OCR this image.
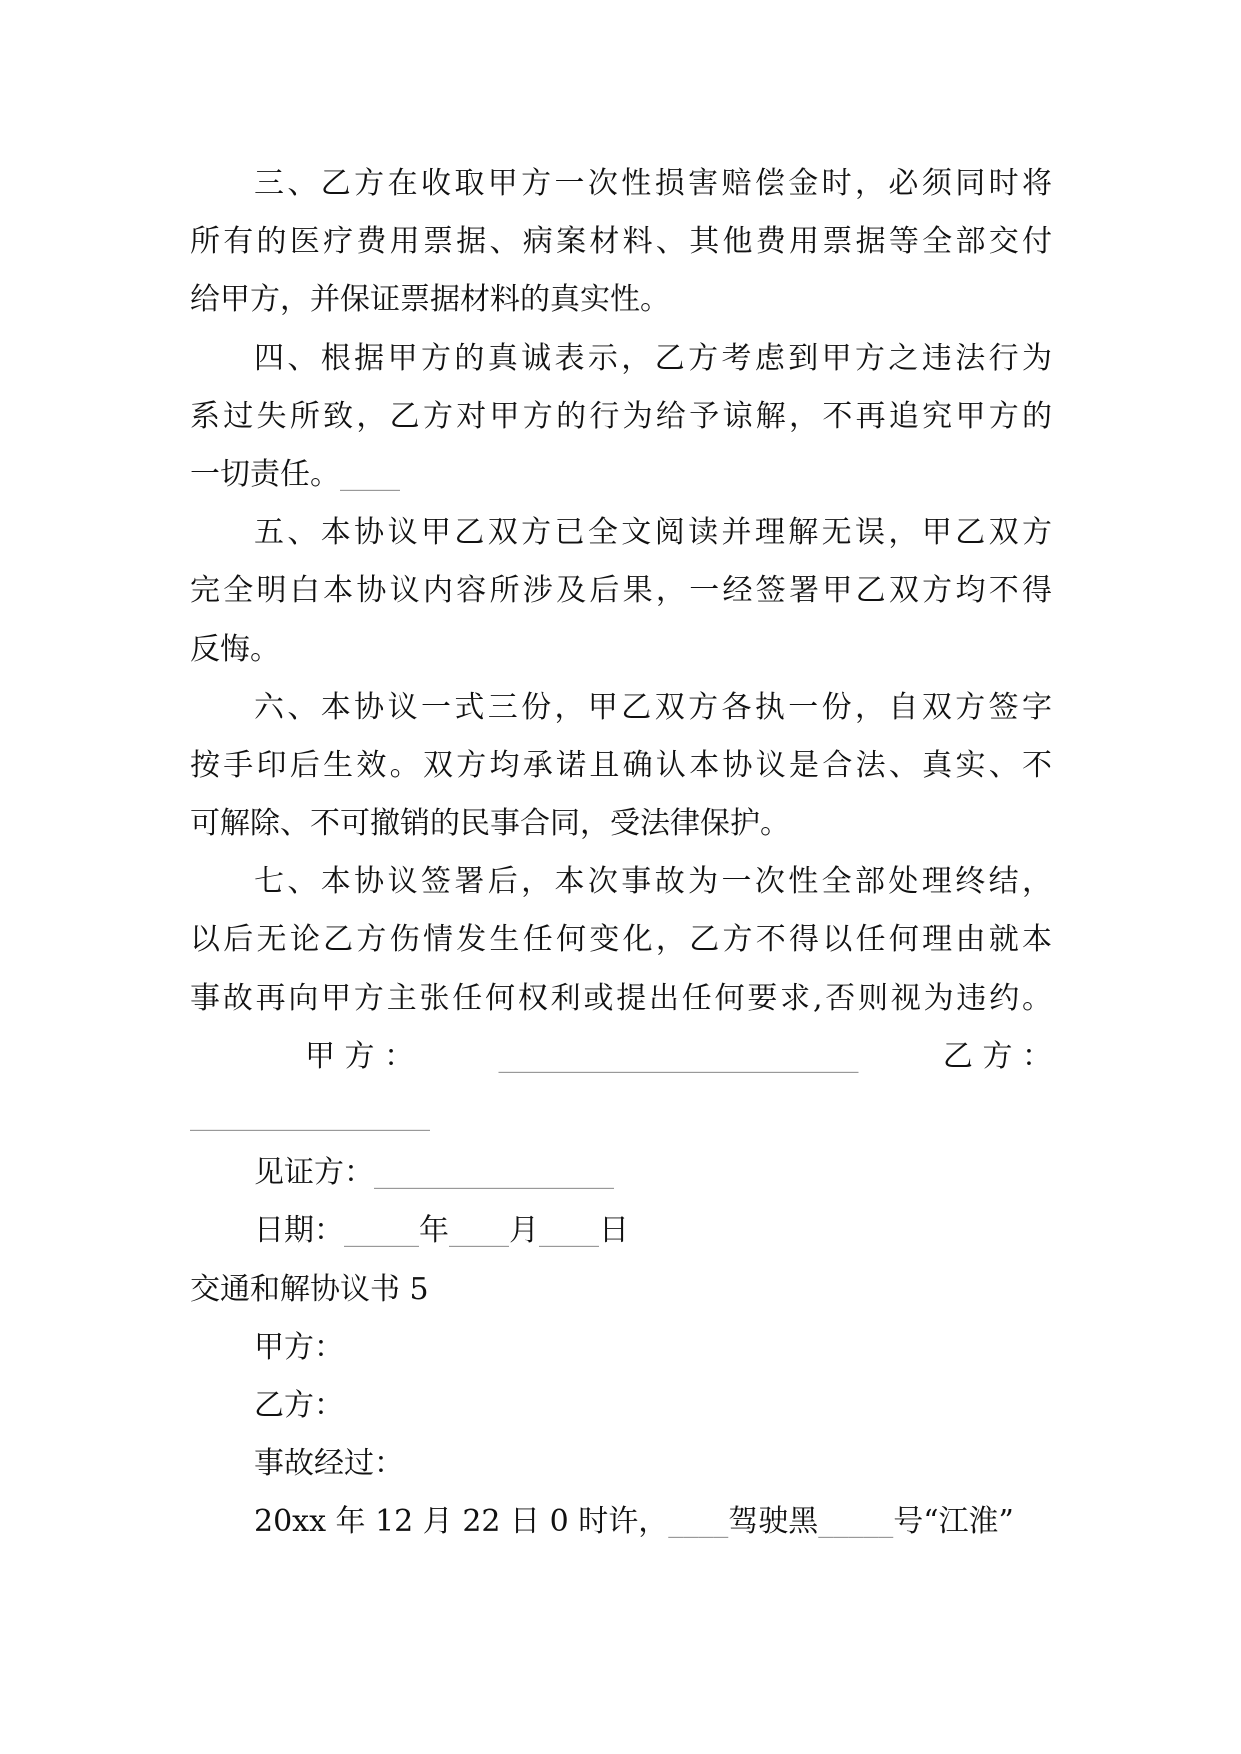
三、乙方在收取甲方一次性损害赔偿金时，必须同时将
所有的医疗费用票据、病案材料、其他费用票据等全部交付
给甲方，并保证票据材料的真实性。
四、根据甲方的真诚表示，乙方考虑到甲方之违法行为
系过失所致，乙方对甲方的行为给予谅解，不再追究甲方的
一切责任。____
五、本协议甲乙双方已全文阅读并理解无误，甲乙双方
完全明白本协议内容所涉及后果，一经签署甲乙双方均不得
反悔。
六、本协议一式三份，甲乙双方各执一份，自双方签字
按手印后生效。双方均承诺且确认本协议是合法、真实、不
可解除、不可撤销的民事合同，受法律保护。
七、本协议签署后，本次事故为一次性全部处理终结，
以后无论乙方伤情发生任何变化，乙方不得以任何理由就本
事故再向甲方主张任何权利或提出任何要求,否则视为违约。
甲 方 ：	________________________	乙 方 ：
________________
见证方：________________
日期：_____年____月____日
交通和解协议书 5
甲方：
乙方：
事故经过：
20xx 年 12 月 22 日 0 时许，____驾驶黑_____号“江淮”
